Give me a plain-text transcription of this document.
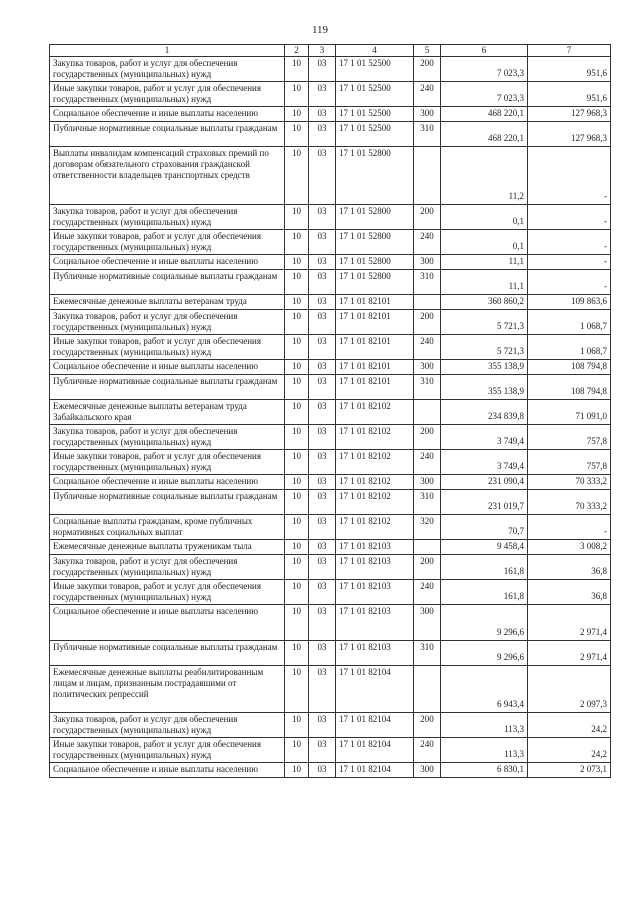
119
1	2	3	4	5	6	7
Закупка товаров, работ и услуг для обеспечения государственных (муниципальных) нужд	10	03	17 1 01 52500	200	7 023,3	951,6
Иные закупки товаров, работ и услуг для обеспечения государственных (муниципальных) нужд	10	03	17 1 01 52500	240	7 023,3	951,6
Социальное обеспечение и иные выплаты населению	10	03	17 1 01 52500	300	468 220,1	127 968,3
Публичные нормативные социальные выплаты гражданам	10	03	17 1 01 52500	310	468 220,1	127 968,3
Выплаты инвалидам компенсаций страховых премий по договорам обязательного страхования гражданской ответственности владельцев транспортных средств	10	03	17 1 01 52800		11,2	-
Закупка товаров, работ и услуг для обеспечения государственных (муниципальных) нужд	10	03	17 1 01 52800	200	0,1	-
Иные закупки товаров, работ и услуг для обеспечения государственных (муниципальных) нужд	10	03	17 1 01 52800	240	0,1	-
Социальное обеспечение и иные выплаты населению	10	03	17 1 01 52800	300	11,1	-
Публичные нормативные социальные выплаты гражданам	10	03	17 1 01 52800	310	11,1	-
Ежемесячные денежные выплаты ветеранам труда	10	03	17 1 01 82101		360 860,2	109 863,6
Закупка товаров, работ и услуг для обеспечения государственных (муниципальных) нужд	10	03	17 1 01 82101	200	5 721,3	1 068,7
Иные закупки товаров, работ и услуг для обеспечения государственных (муниципальных) нужд	10	03	17 1 01 82101	240	5 721,3	1 068,7
Социальное обеспечение и иные выплаты населению	10	03	17 1 01 82101	300	355 138,9	108 794,8
Публичные нормативные социальные выплаты гражданам	10	03	17 1 01 82101	310	355 138,9	108 794,8
Ежемесячные денежные выплаты ветеранам труда Забайкальского края	10	03	17 1 01 82102		234 839,8	71 091,0
Закупка товаров, работ и услуг для обеспечения государственных (муниципальных) нужд	10	03	17 1 01 82102	200	3 749,4	757,8
Иные закупки товаров, работ и услуг для обеспечения государственных (муниципальных) нужд	10	03	17 1 01 82102	240	3 749,4	757,8
Социальное обеспечение и иные выплаты населению	10	03	17 1 01 82102	300	231 090,4	70 333,2
Публичные нормативные социальные выплаты гражданам	10	03	17 1 01 82102	310	231 019,7	70 333,2
Социальные выплаты гражданам, кроме публичных нормативных социальных выплат	10	03	17 1 01 82102	320	70,7	-
Ежемесячные денежные выплаты труженикам тыла	10	03	17 1 01 82103		9 458,4	3 008,2
Закупка товаров, работ и услуг для обеспечения государственных (муниципальных) нужд	10	03	17 1 01 82103	200	161,8	36,8
Иные закупки товаров, работ и услуг для обеспечения государственных (муниципальных) нужд	10	03	17 1 01 82103	240	161,8	36,8
Социальное обеспечение и иные выплаты населению	10	03	17 1 01 82103	300	9 296,6	2 971,4
Публичные нормативные социальные выплаты гражданам	10	03	17 1 01 82103	310	9 296,6	2 971,4
Ежемесячные денежные выплаты реабилитированным лицам и лицам, признанным пострадавшими от политических репрессий	10	03	17 1 01 82104		6 943,4	2 097,3
Закупка товаров, работ и услуг для обеспечения государственных (муниципальных) нужд	10	03	17 1 01 82104	200	113,3	24,2
Иные закупки товаров, работ и услуг для обеспечения государственных (муниципальных) нужд	10	03	17 1 01 82104	240	113,3	24,2
Социальное обеспечение и иные выплаты населению	10	03	17 1 01 82104	300	6 830,1	2 073,1
